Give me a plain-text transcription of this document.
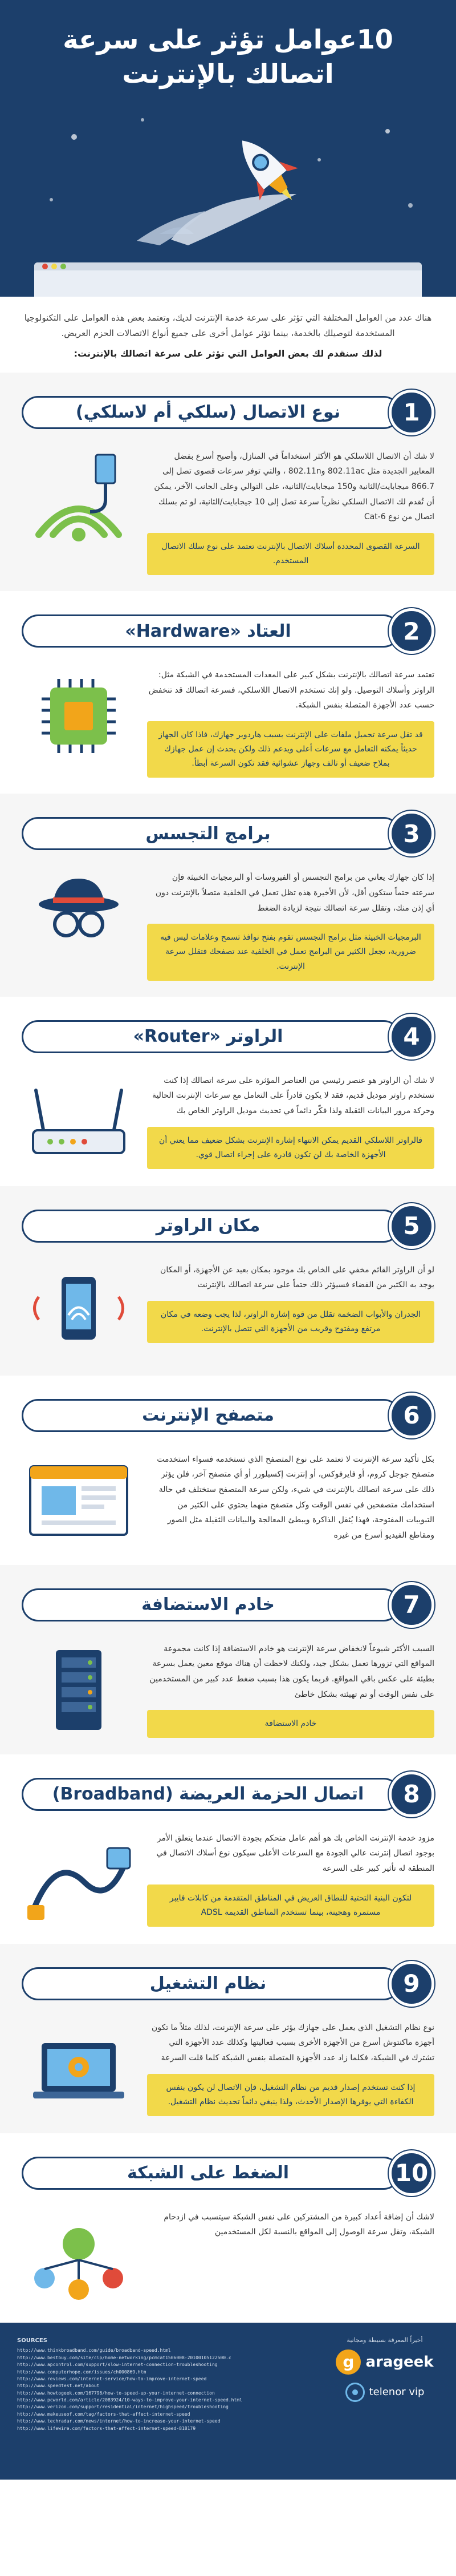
10عوامل تؤثر على سرعة
اتصالك بالإنترنت

هناك عدد من العوامل المختلفة التي تؤثر على سرعة خدمة الإنترنت لديك، وتعتمد بعض هذه العوامل على التكنولوجيا المستخدمة لتوصيلك بالخدمة، بينما تؤثر عوامل أخرى على جميع أنواع الاتصالات الحزم العريض.

لذلك سنقدم لك بعض العوامل التي تؤثر على سرعة اتصالك بالإنترنت:

1
نوع الاتصال (سلكي أم لاسلكي)

لا شك أن الاتصال اللاسلكي هو الأكثر استخداماً في المنازل، وأصبح أسرع بفضل المعايير الجديدة مثل 802.11ac و802.11n ، والتي توفر سرعات قصوى تصل إلى 866.7 ميجابايت/الثانية و150 ميجابايت/الثانية، على التوالي وعلى الجانب الآخر، يمكن أن تُقدم لك الاتصال السلكي نظرياً سرعة تصل إلى 10 جيجابايت/الثانية، لو تم بسلك اتصال من نوع Cat-6

السرعة القصوى المحددة أسلاك الاتصال بالإنترنت تعتمد على نوع سلك الاتصال المستخدم.
2
العتاد «Hardware»

تعتمد سرعة اتصالك بالإنترنت بشكل كبير على المعدات المستخدمة في الشبكة مثل: الراوتر وأسلاك التوصيل. ولو إنك تستخدم الاتصال اللاسلكي، فسرعة اتصالك قد تنخفض حسب عدد الأجهزة المتصلة بنفس الشبكة.

قد تقل سرعة تحميل ملفات على الإنترنت بسبب هاردوير جهازك، فاذا كان الجهاز حديثاً يمكنه التعامل مع سرعات أعلى ويدعم ذلك ولكن يحدث إن عمل جهازك بملاح ضعيف أو تالف وجهاز عشوائية فقد تكون السرعة أبطأ.
3
برامج التجسس

إذا كان جهازك يعاني من برامج التجسس أو الفيروسات أو البرمجيات الخبيثة فإن سرعته حتماً ستكون أقل، لأن الأخيرة هذه تظل تعمل في الخلفية متصلاً بالإنترنت دون أي إذن منك، وتقلل سرعة اتصالك نتيجة لزيادة الضغط

البرمجيات الخبيثة مثل برامج التجسس تقوم بفتح نوافذ تسمح وعلامات ليس فيه ضرورية، تجعل الكثير من البرامج تعمل في الخلفية عند تصفحك فتقلل سرعة الإنترنت.
4
الراوتر «Router»

لا شك أن الراوتر هو عنصر رئيسي من العناصر المؤثرة على سرعة اتصالك إذا كنت تستخدم راوتر موديل قديم، فقد لا يكون قادراً على التعامل مع سرعات الإنترنت الحالية وحركة مرور البيانات الثقيلة ولذا فكّر دائماً في تحديث موديل الراوتر الخاص بك

فالراوتر اللاسلكي القديم يمكن الانتهاء إشارة الإنترنت بشكل ضعيف مما يعني أن الأجهزة الخاصة بك لن تكون قادرة على إجراء اتصال قوي.
5
مكان الراوتر

لو أن الراوتر القائم مخفي على الخاص بك موجود بمكان بعيد عن الأجهزة، أو المكان يوجد به الكثير من الفضاء فسيؤثر ذلك حتماً على سرعة اتصالك بالإنترنت

الجدران والأبواب الضخمة تقلل من قوة إشارة الراوتر، لذا يجب وضعه في مكان مرتفع ومفتوح وقريب من الأجهزة التي تتصل بالإنترنت.
6
متصفح الإنترنت

بكل تأكيد سرعة الإنترنت لا تعتمد على نوع المتصفح الذي تستخدمه فسواء استخدمت متصفح جوجل كروم، أو فايرفوكس، أو إنترنت إكسبلورر أو أي متصفح آخر، فلن يؤثر ذلك على سرعة اتصالك بالإنترنت في شيء، ولكن سرعة المتصفح ستختلف في حالة استخدامك متصفحين في نفس الوقت وكل متصفح منهما يحتوي على الكثير من التبويبات المفتوحة، فهذا يُثقل الذاكرة ويبطئ المعالجة والبيانات الثقيلة مثل الصور ومقاطع الفيديو أسرع من غيره

7
خادم الاستضافة

السبب الأكثر شيوعاً لانخفاض سرعة الإنترنت هو خادم الاستضافة إذا كانت مجموعة المواقع التي تزورها تعمل بشكل جيد، ولكنك لاحظت أن هناك موقع معين يعمل بسرعة بطيئة على عكس باقي المواقع. فربما يكون هذا بسبب ضغط عدد كبير من المستخدمين على نفس الوقت أو تم تهيئته بشكل خاطئ

خادم الاستضافة
8
اتصال الحزمة العريضة (Broadband)

مزود خدمة الإنترنت الخاص بك هو أهم عامل متحكم بجودة الاتصال عندما يتعلق الأمر بوجود اتصال إنترنت عالي الجودة مع السرعات الأعلى سيكون نوع أسلاك الاتصال في المنطقة له تأثير كبير على السرعة

لتكون البنية التحتية للنطاق العريض في المناطق المتقدمة من كابلات فايبر مستمرة وهجينة، بينما تستخدم المناطق القديمة ADSL
9
نظام التشغيل

نوع نظام التشغيل الذي يعمل على جهازك يؤثر على سرعة الإنترنت، لذلك مثلاً ما تكون أجهزة ماكنتوش أسرع من الأجهزة الأخرى بسبب فعاليتها وكذلك عدد الأجهزة التي تشترك في الشبكة، فكلما زاد عدد الأجهزة المتصلة بنفس الشبكة كلما قلت السرعة

إذا كنت تستخدم إصدار قديم من نظام التشغيل، فإن الاتصال لن يكون بنفس الكفاءة التي يوفرها الإصدار الأحدث، ولذا ينبغي دائماً تحديث نظام التشغيل.
10
الضغط على الشبكة

لاشك أن إضافة أعداد كبيرة من المشتركين على نفس الشبكة سيتسبب في ازدحام الشبكة، وتقل سرعة الوصول إلى المواقع بالنسبة لكل المستخدمين

أخيراً المعرفة بسيطة ومجانية
g arageek
telenor vip
SOURCES
http://www.thinkbroadband.com/guide/broadband-speed.html
http://www.bestbuy.com/site/clp/home-networking/pcmcat1506008-20100105122500.c
http://www.apcontrol.com/support/slow-internet-connection-troubleshooting
http://www.computerhope.com/issues/ch000869.htm
http://www.reviews.com/internet-service/how-to-improve-internet-speed
http://www.speedtest.net/about
http://www.howtogeek.com/167796/how-to-speed-up-your-internet-connection
http://www.pcworld.com/article/2083924/10-ways-to-improve-your-internet-speed.html
http://www.verizon.com/support/residential/internet/highspeed/troubleshooting
http://www.makeuseof.com/tag/factors-that-affect-internet-speed
http://www.techradar.com/news/internet/how-to-increase-your-internet-speed
http://www.lifewire.com/factors-that-affect-internet-speed-818179
